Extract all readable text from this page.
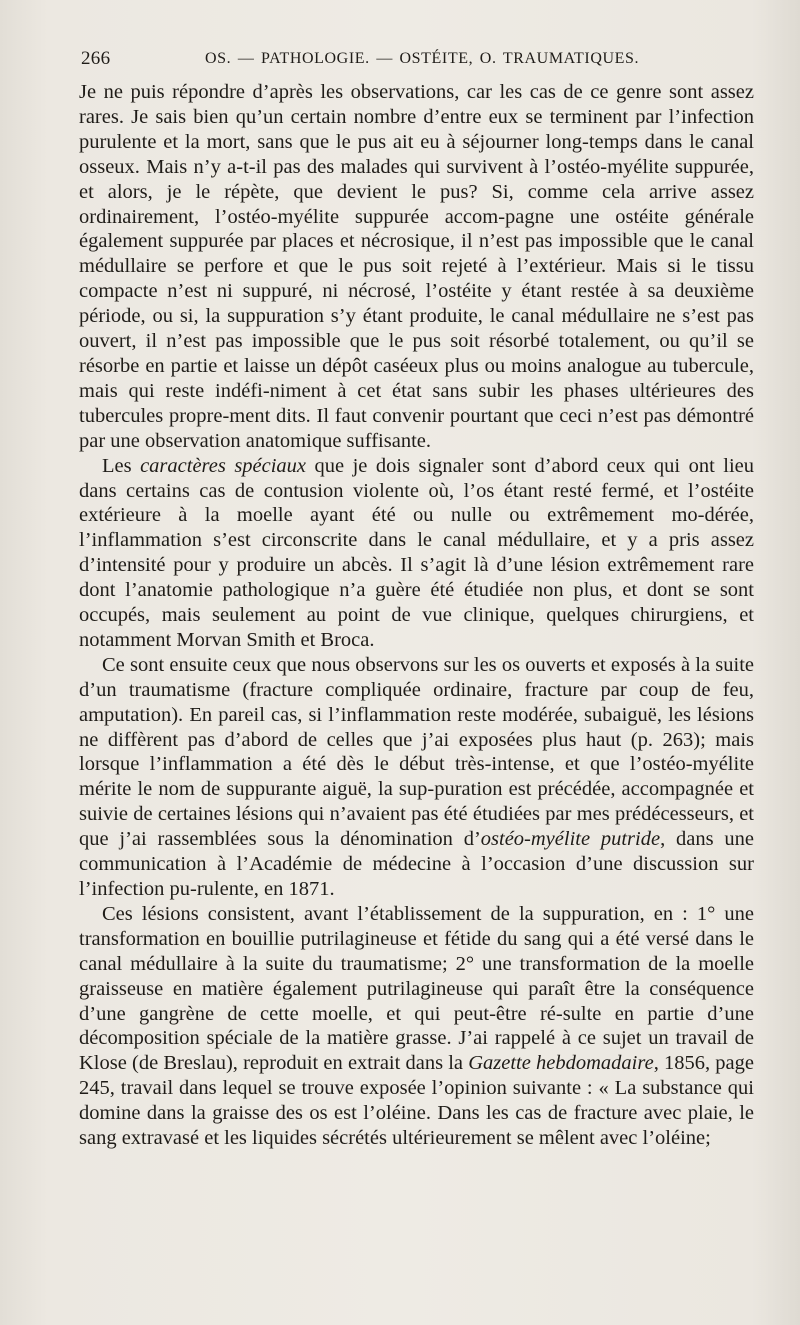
266	OS. — PATHOLOGIE. — OSTÉITE, O. TRAUMATIQUES.

Je ne puis répondre d’après les observations, car les cas de ce genre sont assez rares. Je sais bien qu’un certain nombre d’entre eux se terminent par l’infection purulente et la mort, sans que le pus ait eu à séjourner long-temps dans le canal osseux. Mais n’y a-t-il pas des malades qui survivent à l’ostéo-myélite suppurée, et alors, je le répète, que devient le pus? Si, comme cela arrive assez ordinairement, l’ostéo-myélite suppurée accom-pagne une ostéite générale également suppurée par places et nécrosique, il n’est pas impossible que le canal médullaire se perfore et que le pus soit rejeté à l’extérieur. Mais si le tissu compacte n’est ni suppuré, ni nécrosé, l’ostéite y étant restée à sa deuxième période, ou si, la suppuration s’y étant produite, le canal médullaire ne s’est pas ouvert, il n’est pas impossible que le pus soit résorbé totalement, ou qu’il se résorbe en partie et laisse un dépôt caséeux plus ou moins analogue au tubercule, mais qui reste indéfi-niment à cet état sans subir les phases ultérieures des tubercules propre-ment dits. Il faut convenir pourtant que ceci n’est pas démontré par une observation anatomique suffisante.

Les caractères spéciaux que je dois signaler sont d’abord ceux qui ont lieu dans certains cas de contusion violente où, l’os étant resté fermé, et l’ostéite extérieure à la moelle ayant été ou nulle ou extrêmement mo-dérée, l’inflammation s’est circonscrite dans le canal médullaire, et y a pris assez d’intensité pour y produire un abcès. Il s’agit là d’une lésion extrêmement rare dont l’anatomie pathologique n’a guère été étudiée non plus, et dont se sont occupés, mais seulement au point de vue clinique, quelques chirurgiens, et notamment Morvan Smith et Broca.

Ce sont ensuite ceux que nous observons sur les os ouverts et exposés à la suite d’un traumatisme (fracture compliquée ordinaire, fracture par coup de feu, amputation). En pareil cas, si l’inflammation reste modérée, subaiguë, les lésions ne diffèrent pas d’abord de celles que j’ai exposées plus haut (p. 263); mais lorsque l’inflammation a été dès le début très-intense, et que l’ostéo-myélite mérite le nom de suppurante aiguë, la sup-puration est précédée, accompagnée et suivie de certaines lésions qui n’avaient pas été étudiées par mes prédécesseurs, et que j’ai rassemblées sous la dénomination d’ostéo-myélite putride, dans une communication à l’Académie de médecine à l’occasion d’une discussion sur l’infection pu-rulente, en 1871.

Ces lésions consistent, avant l’établissement de la suppuration, en : 1° une transformation en bouillie putrilagineuse et fétide du sang qui a été versé dans le canal médullaire à la suite du traumatisme; 2° une transformation de la moelle graisseuse en matière également putrilagineuse qui paraît être la conséquence d’une gangrène de cette moelle, et qui peut-être ré-sulte en partie d’une décomposition spéciale de la matière grasse. J’ai rappelé à ce sujet un travail de Klose (de Breslau), reproduit en extrait dans la Gazette hebdomadaire, 1856, page 245, travail dans lequel se trouve exposée l’opinion suivante : « La substance qui domine dans la graisse des os est l’oléine. Dans les cas de fracture avec plaie, le sang extravasé et les liquides sécrétés ultérieurement se mêlent avec l’oléine;
